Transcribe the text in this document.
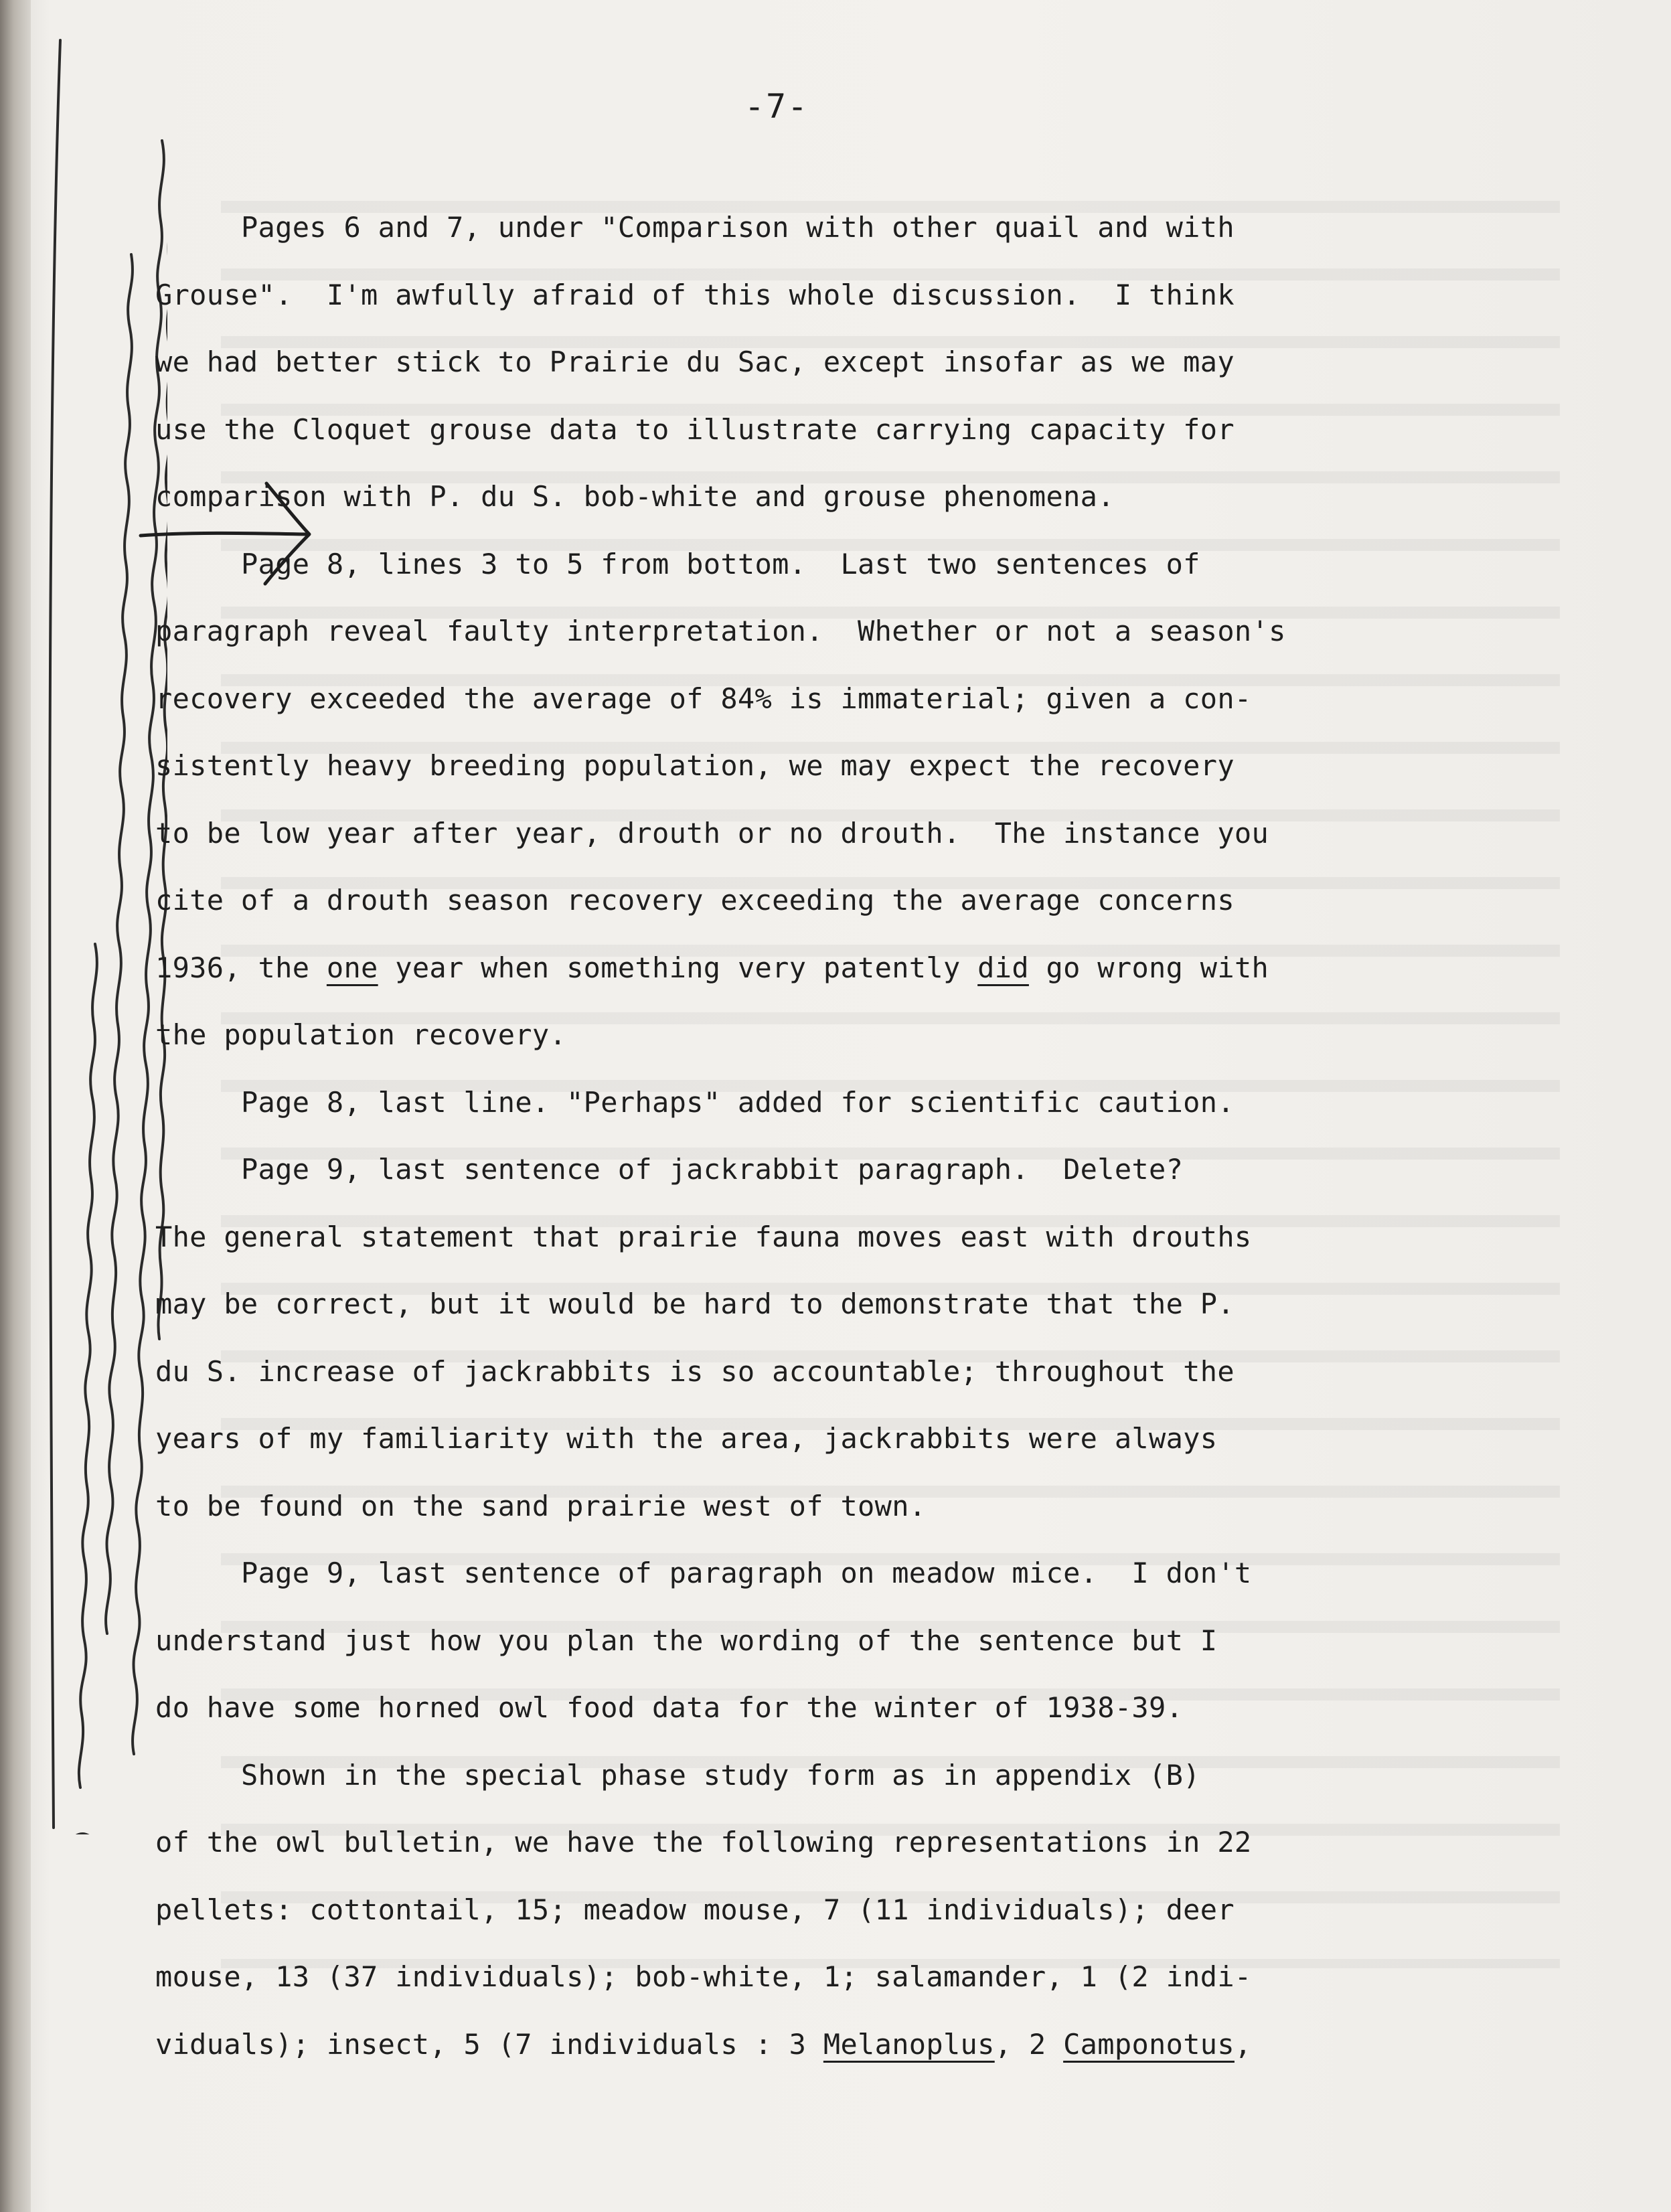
-7-
Pages 6 and 7, under "Comparison with other quail and with
Grouse".  I'm awfully afraid of this whole discussion.  I think
we had better stick to Prairie du Sac, except insofar as we may
use the Cloquet grouse data to illustrate carrying capacity for
comparison with P. du S. bob-white and grouse phenomena.
Page 8, lines 3 to 5 from bottom.  Last two sentences of
paragraph reveal faulty interpretation.  Whether or not a season's
recovery exceeded the average of 84% is immaterial; given a con-
sistently heavy breeding population, we may expect the recovery
to be low year after year, drouth or no drouth.  The instance you
cite of a drouth season recovery exceeding the average concerns
1936, the one year when something very patently did go wrong with
the population recovery.
Page 8, last line. "Perhaps" added for scientific caution.
Page 9, last sentence of jackrabbit paragraph.  Delete?
The general statement that prairie fauna moves east with drouths
may be correct, but it would be hard to demonstrate that the P.
du S. increase of jackrabbits is so accountable; throughout the
years of my familiarity with the area, jackrabbits were always
to be found on the sand prairie west of town.
Page 9, last sentence of paragraph on meadow mice.  I don't
understand just how you plan the wording of the sentence but I
do have some horned owl food data for the winter of 1938-39.
Shown in the special phase study form as in appendix (B)
of the owl bulletin, we have the following representations in 22
pellets: cottontail, 15; meadow mouse, 7 (11 individuals); deer
mouse, 13 (37 individuals); bob-white, 1; salamander, 1 (2 indi-
viduals); insect, 5 (7 individuals : 3 Melanoplus, 2 Camponotus,
